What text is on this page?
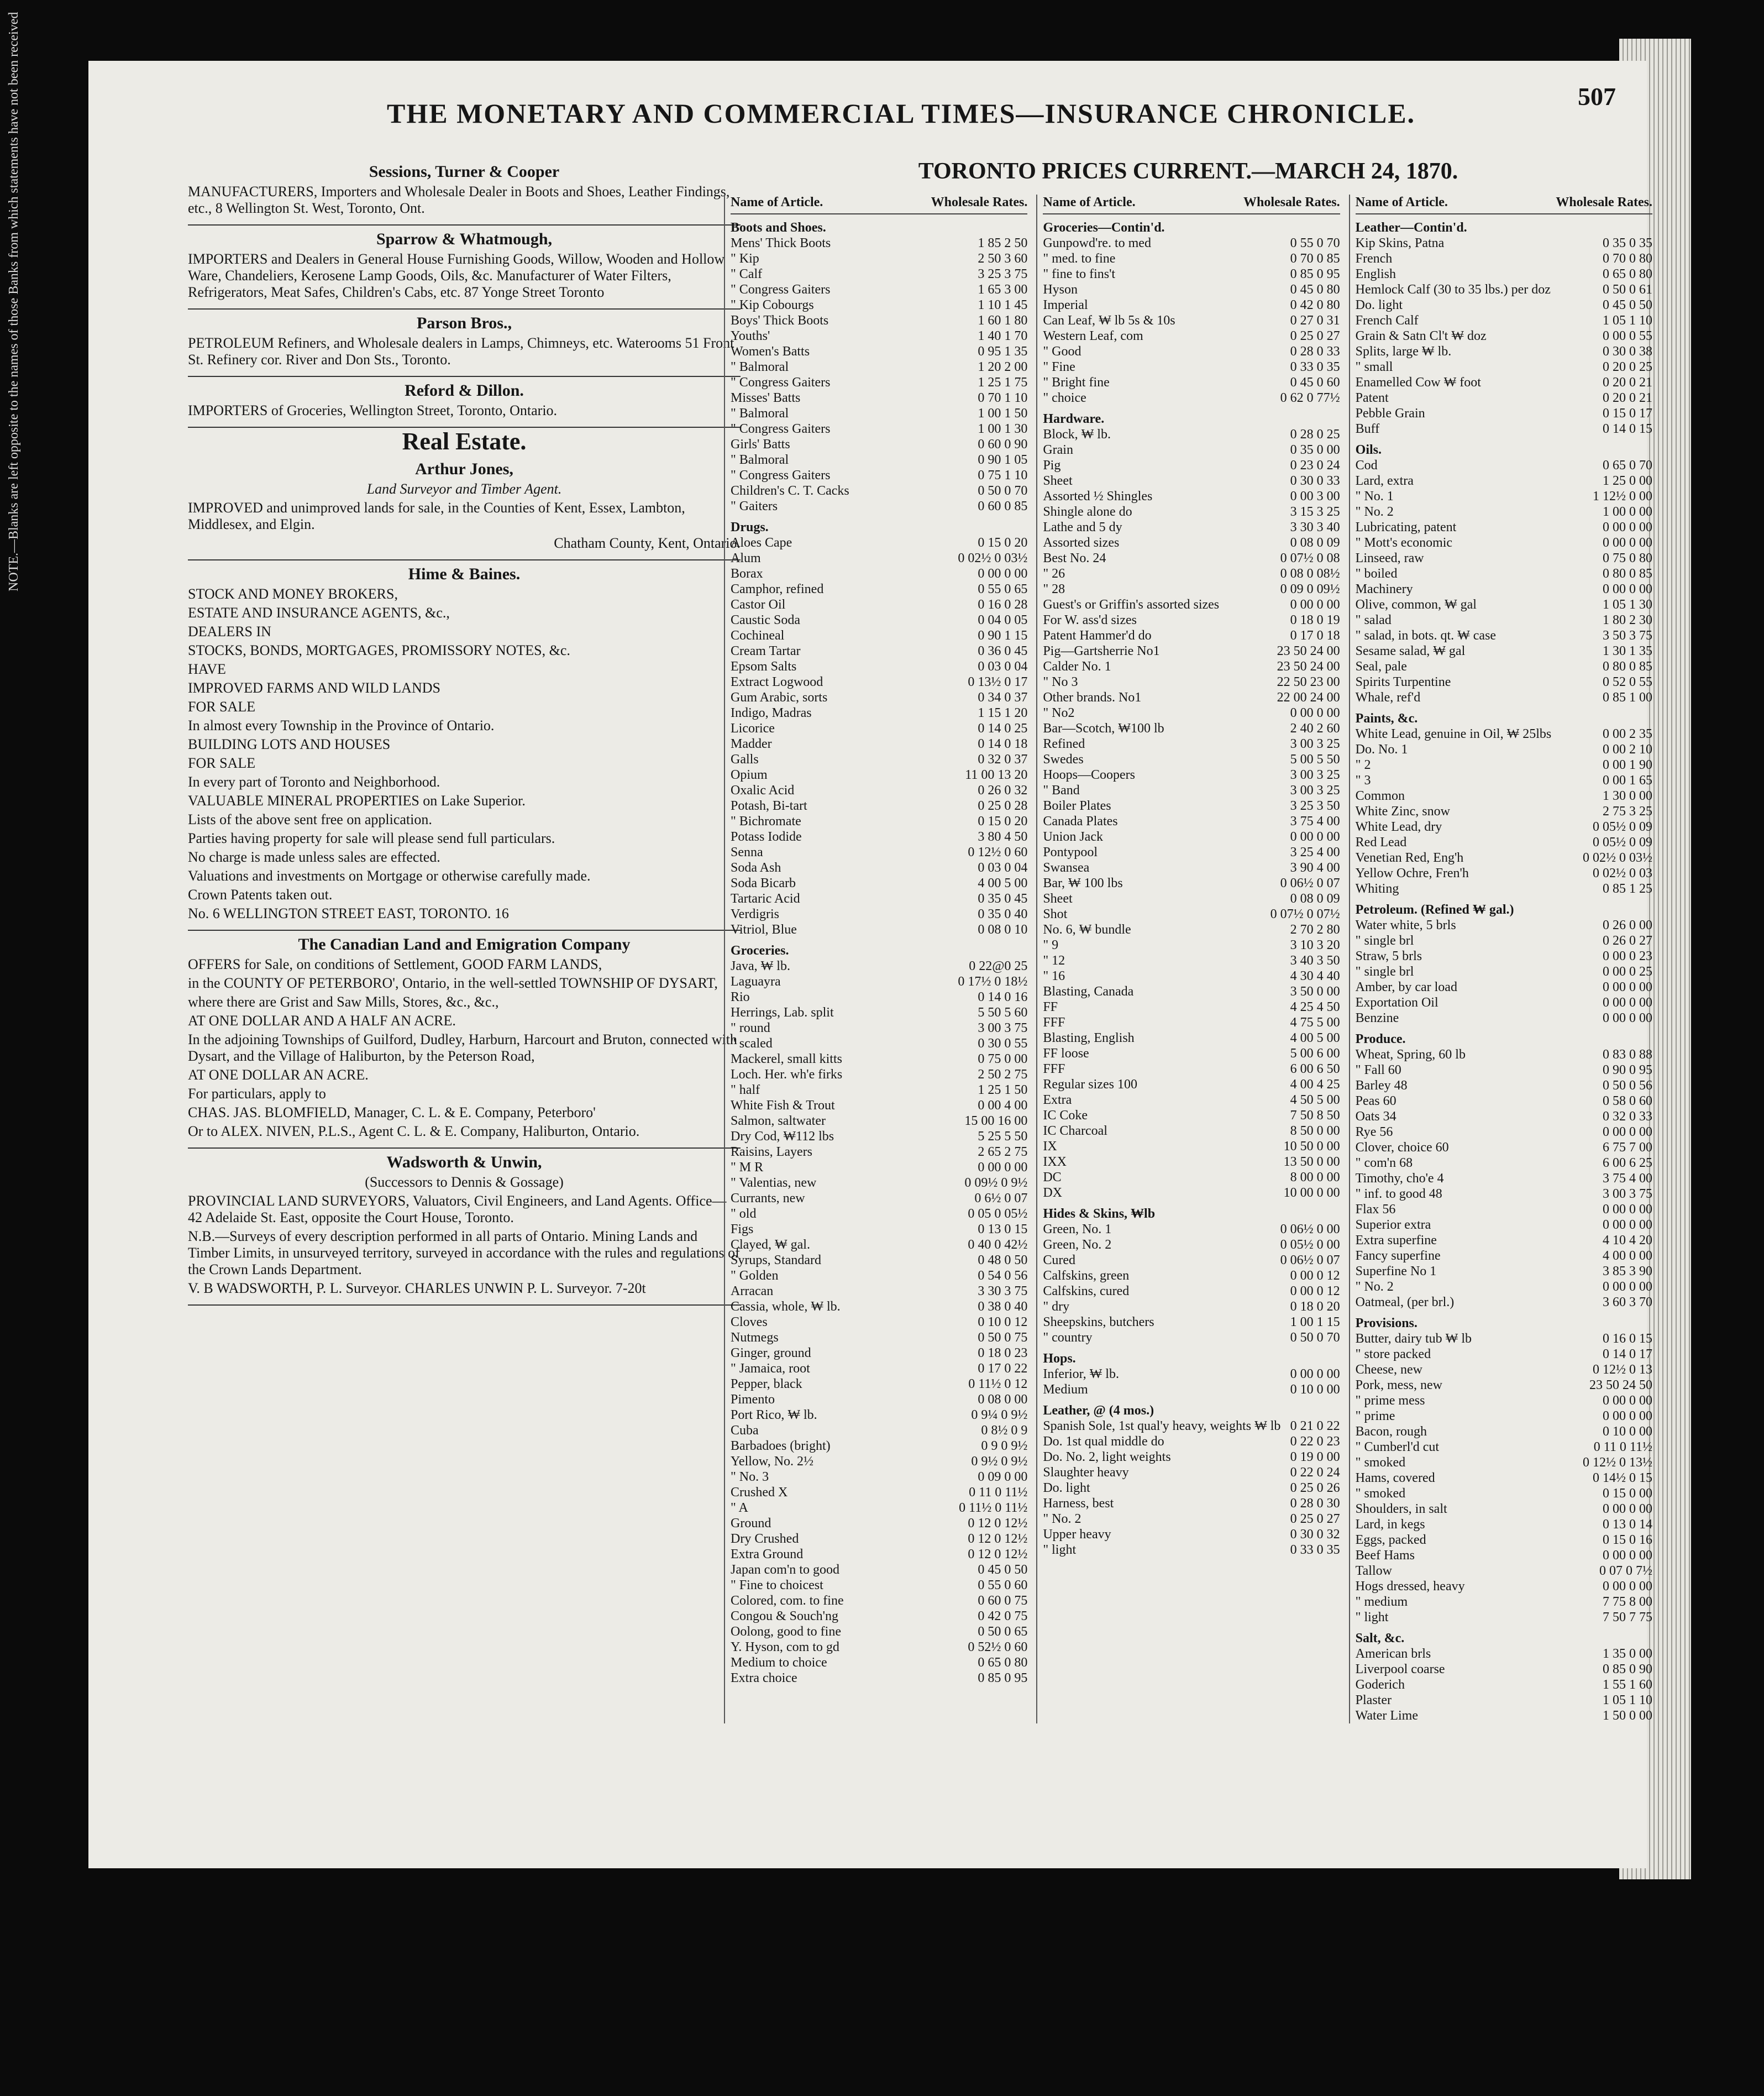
THE MONETARY AND COMMERCIAL TIMES—INSURANCE CHRONICLE.
507
Sessions, Turner & Cooper

MANUFACTURERS, Importers and Wholesale Dealer in Boots and Shoes, Leather Findings, etc., 8 Wellington St. West, Toronto, Ont.

Sparrow & Whatmough,

IMPORTERS and Dealers in General House Furnishing Goods, Willow, Wooden and Hollow Ware, Chandeliers, Kerosene Lamp Goods, Oils, &c. Manufacturer of Water Filters, Refrigerators, Meat Safes, Children's Cabs, etc. 87 Yonge Street Toronto

Parson Bros.,

PETROLEUM Refiners, and Wholesale dealers in Lamps, Chimneys, etc. Waterooms 51 Front St. Refinery cor. River and Don Sts., Toronto.

Reford & Dillon.

IMPORTERS of Groceries, Wellington Street, Toronto, Ontario.

Real Estate.
Arthur Jones,

Land Surveyor and Timber Agent.

IMPROVED and unimproved lands for sale, in the Counties of Kent, Essex, Lambton, Middlesex, and Elgin.

Chatham County, Kent, Ontario.

Hime & Baines.

STOCK AND MONEY BROKERS,

ESTATE AND INSURANCE AGENTS, &c.,

DEALERS IN

STOCKS, BONDS, MORTGAGES, PROMISSORY NOTES, &c.

HAVE

IMPROVED FARMS AND WILD LANDS

FOR SALE

In almost every Township in the Province of Ontario.

BUILDING LOTS AND HOUSES

FOR SALE

In every part of Toronto and Neighborhood.

VALUABLE MINERAL PROPERTIES on Lake Superior.

Lists of the above sent free on application.

Parties having property for sale will please send full particulars.

No charge is made unless sales are effected.

Valuations and investments on Mortgage or otherwise carefully made.

Crown Patents taken out.

No. 6 WELLINGTON STREET EAST, TORONTO. 16

The Canadian Land and Emigration Company

OFFERS for Sale, on conditions of Settlement, GOOD FARM LANDS,

in the COUNTY OF PETERBORO', Ontario, in the well-settled TOWNSHIP OF DYSART,

where there are Grist and Saw Mills, Stores, &c., &c.,

AT ONE DOLLAR AND A HALF AN ACRE.

In the adjoining Townships of Guilford, Dudley, Harburn, Harcourt and Bruton, connected with Dysart, and the Village of Haliburton, by the Peterson Road,

AT ONE DOLLAR AN ACRE.

For particulars, apply to

CHAS. JAS. BLOMFIELD, Manager, C. L. & E. Company, Peterboro'

Or to ALEX. NIVEN, P.L.S., Agent C. L. & E. Company, Haliburton, Ontario.

Wadsworth & Unwin,

(Successors to Dennis & Gossage)

PROVINCIAL LAND SURVEYORS, Valuators, Civil Engineers, and Land Agents. Office—42 Adelaide St. East, opposite the Court House, Toronto.

N.B.—Surveys of every description performed in all parts of Ontario. Mining Lands and Timber Limits, in unsurveyed territory, surveyed in accordance with the rules and regulations of the Crown Lands Department.

V. B WADSWORTH, P. L. Surveyor. CHARLES UNWIN P. L. Surveyor. 7-20t

TORONTO PRICES CURRENT.—MARCH 24, 1870.
Name of Article.	Wholesale Rates.
Boots and Shoes.
Mens' Thick Boots	1 85 2 50
" Kip	2 50 3 60
" Calf	3 25 3 75
" Congress Gaiters	1 65 3 00
" Kip Cobourgs	1 10 1 45
Boys' Thick Boots	1 60 1 80
Youths'	1 40 1 70
Women's Batts	0 95 1 35
" Balmoral	1 20 2 00
" Congress Gaiters	1 25 1 75
Misses' Batts	0 70 1 10
" Balmoral	1 00 1 50
" Congress Gaiters	1 00 1 30
Girls' Batts	0 60 0 90
" Balmoral	0 90 1 05
" Congress Gaiters	0 75 1 10
Children's C. T. Cacks	0 50 0 70
" Gaiters	0 60 0 85
Drugs.
Aloes Cape	0 15 0 20
Alum	0 02½ 0 03½
Borax	0 00 0 00
Camphor, refined	0 55 0 65
Castor Oil	0 16 0 28
Caustic Soda	0 04 0 05
Cochineal	0 90 1 15
Cream Tartar	0 36 0 45
Epsom Salts	0 03 0 04
Extract Logwood	0 13½ 0 17
Gum Arabic, sorts	0 34 0 37
Indigo, Madras	1 15 1 20
Licorice	0 14 0 25
Madder	0 14 0 18
Galls	0 32 0 37
Opium	11 00 13 20
Oxalic Acid	0 26 0 32
Potash, Bi-tart	0 25 0 28
" Bichromate	0 15 0 20
Potass Iodide	3 80 4 50
Senna	0 12½ 0 60
Soda Ash	0 03 0 04
Soda Bicarb	4 00 5 00
Tartaric Acid	0 35 0 45
Verdigris	0 35 0 40
Vitriol, Blue	0 08 0 10
Groceries.
Java, ₩ lb.	0 22@0 25
Laguayra	0 17½ 0 18½
Rio	0 14 0 16
Herrings, Lab. split	5 50 5 60
" round	3 00 3 75
" scaled	0 30 0 55
Mackerel, small kitts	0 75 0 00
Loch. Her. wh'e firks	2 50 2 75
" half	1 25 1 50
White Fish & Trout	0 00 4 00
Salmon, saltwater	15 00 16 00
Dry Cod, ₩112 lbs	5 25 5 50
Raisins, Layers	2 65 2 75
" M R	0 00 0 00
" Valentias, new	0 09½ 0 9½
Currants, new	0 6½ 0 07
" old	0 05 0 05½
Figs	0 13 0 15
Clayed, ₩ gal.	0 40 0 42½
Syrups, Standard	0 48 0 50
" Golden	0 54 0 56
Arracan	3 30 3 75
Cassia, whole, ₩ lb.	0 38 0 40
Cloves	0 10 0 12
Nutmegs	0 50 0 75
Ginger, ground	0 18 0 23
" Jamaica, root	0 17 0 22
Pepper, black	0 11½ 0 12
Pimento	0 08 0 00
Port Rico, ₩ lb.	0 9¼ 0 9½
Cuba	0 8½ 0 9
Barbadoes (bright)	0 9 0 9½
Yellow, No. 2½	0 9½ 0 9½
" No. 3	0 09 0 00
Crushed X	0 11 0 11½
" A	0 11½ 0 11½
Ground	0 12 0 12½
Dry Crushed	0 12 0 12½
Extra Ground	0 12 0 12½
Japan com'n to good	0 45 0 50
" Fine to choicest	0 55 0 60
Colored, com. to fine	0 60 0 75
Congou & Souch'ng	0 42 0 75
Oolong, good to fine	0 50 0 65
Y. Hyson, com to gd	0 52½ 0 60
Medium to choice	0 65 0 80
Extra choice	0 85 0 95
Name of Article.	Wholesale Rates.
Groceries—Contin'd.
Gunpowd're. to med	0 55 0 70
" med. to fine	0 70 0 85
" fine to fins't	0 85 0 95
Hyson	0 45 0 80
Imperial	0 42 0 80
Can Leaf, ₩ lb 5s & 10s	0 27 0 31
Western Leaf, com	0 25 0 27
" Good	0 28 0 33
" Fine	0 33 0 35
" Bright fine	0 45 0 60
" choice	0 62 0 77½
Hardware.
Block, ₩ lb.	0 28 0 25
Grain	0 35 0 00
Pig	0 23 0 24
Sheet	0 30 0 33
Assorted ½ Shingles	0 00 3 00
Shingle alone do	3 15 3 25
Lathe and 5 dy	3 30 3 40
Assorted sizes	0 08 0 09
Best No. 24	0 07½ 0 08
" 26	0 08 0 08½
" 28	0 09 0 09½
Guest's or Griffin's assorted sizes	0 00 0 00
For W. ass'd sizes	0 18 0 19
Patent Hammer'd do	0 17 0 18
Pig—Gartsherrie No1	23 50 24 00
Calder No. 1	23 50 24 00
" No 3	22 50 23 00
Other brands. No1	22 00 24 00
" No2	0 00 0 00
Bar—Scotch, ₩100 lb	2 40 2 60
Refined	3 00 3 25
Swedes	5 00 5 50
Hoops—Coopers	3 00 3 25
" Band	3 00 3 25
Boiler Plates	3 25 3 50
Canada Plates	3 75 4 00
Union Jack	0 00 0 00
Pontypool	3 25 4 00
Swansea	3 90 4 00
Bar, ₩ 100 lbs	0 06½ 0 07
Sheet	0 08 0 09
Shot	0 07½ 0 07½
No. 6, ₩ bundle	2 70 2 80
" 9	3 10 3 20
" 12	3 40 3 50
" 16	4 30 4 40
Blasting, Canada	3 50 0 00
FF	4 25 4 50
FFF	4 75 5 00
Blasting, English	4 00 5 00
FF loose	5 00 6 00
FFF	6 00 6 50
Regular sizes 100	4 00 4 25
Extra	4 50 5 00
IC Coke	7 50 8 50
IC Charcoal	8 50 0 00
IX	10 50 0 00
IXX	13 50 0 00
DC	8 00 0 00
DX	10 00 0 00
Hides & Skins, ₩lb
Green, No. 1	0 06½ 0 00
Green, No. 2	0 05½ 0 00
Cured	0 06½ 0 07
Calfskins, green	0 00 0 12
Calfskins, cured	0 00 0 12
" dry	0 18 0 20
Sheepskins, butchers	1 00 1 15
" country	0 50 0 70
Hops.
Inferior, ₩ lb.	0 00 0 00
Medium	0 10 0 00
Leather, @ (4 mos.)
Spanish Sole, 1st qual'y heavy, weights ₩ lb 0 21 0 22
Do. 1st qual middle do	0 22 0 23
Do. No. 2, light weights	0 19 0 00
Slaughter heavy	0 22 0 24
Do. light	0 25 0 26
Harness, best	0 28 0 30
" No. 2	0 25 0 27
Upper heavy	0 30 0 32
" light	0 33 0 35
Name of Article.	Wholesale Rates.
Leather—Contin'd.
Kip Skins, Patna	0 35 0 35
French	0 70 0 80
English	0 65 0 80
Hemlock Calf (30 to 35 lbs.) per doz	0 50 0 61
Do. light	0 45 0 50
French Calf	1 05 1 10
Grain & Satn Cl't ₩ doz	0 00 0 55
Splits, large ₩ lb.	0 30 0 38
" small	0 20 0 25
Enamelled Cow ₩ foot	0 20 0 21
Patent	0 20 0 21
Pebble Grain	0 15 0 17
Buff	0 14 0 15
Oils.
Cod	0 65 0 70
Lard, extra	1 25 0 00
" No. 1	1 12½ 0 00
" No. 2	1 00 0 00
Lubricating, patent	0 00 0 00
" Mott's economic	0 00 0 00
Linseed, raw	0 75 0 80
" boiled	0 80 0 85
Machinery	0 00 0 00
Olive, common, ₩ gal	1 05 1 30
" salad	1 80 2 30
" salad, in bots. qt. ₩ case	3 50 3 75
Sesame salad, ₩ gal	1 30 1 35
Seal, pale	0 80 0 85
Spirits Turpentine	0 52 0 55
Whale, ref'd	0 85 1 00
Paints, &c.
White Lead, genuine in Oil, ₩ 25lbs	0 00 2 35
Do. No. 1	0 00 2 10
" 2	0 00 1 90
" 3	0 00 1 65
Common	1 30 0 00
White Zinc, snow	2 75 3 25
White Lead, dry	0 05½ 0 09
Red Lead	0 05½ 0 09
Venetian Red, Eng'h	0 02½ 0 03½
Yellow Ochre, Fren'h	0 02½ 0 03
Whiting	0 85 1 25
Petroleum. (Refined ₩ gal.)
Water white, 5 brls	0 26 0 00
" single brl	0 26 0 27
Straw, 5 brls	0 00 0 23
" single brl	0 00 0 25
Amber, by car load	0 00 0 00
Exportation Oil	0 00 0 00
Benzine	0 00 0 00
Produce.
Wheat, Spring, 60 lb	0 83 0 88
" Fall 60	0 90 0 95
Barley 48	0 50 0 56
Peas 60	0 58 0 60
Oats 34	0 32 0 33
Rye 56	0 00 0 00
Clover, choice 60	6 75 7 00
" com'n 68	6 00 6 25
Timothy, cho'e 4	3 75 4 00
" inf. to good 48	3 00 3 75
Flax 56	0 00 0 00
Superior extra	0 00 0 00
Extra superfine	4 10 4 20
Fancy superfine	4 00 0 00
Superfine No 1	3 85 3 90
" No. 2	0 00 0 00
Oatmeal, (per brl.)	3 60 3 70
Provisions.
Butter, dairy tub ₩ lb	0 16 0 15
" store packed	0 14 0 17
Cheese, new	0 12½ 0 13
Pork, mess, new	23 50 24 50
" prime mess	0 00 0 00
" prime	0 00 0 00
Bacon, rough	0 10 0 00
" Cumberl'd cut	0 11 0 11½
" smoked	0 12½ 0 13½
Hams, covered	0 14½ 0 15
" smoked	0 15 0 00
Shoulders, in salt	0 00 0 00
Lard, in kegs	0 13 0 14
Eggs, packed	0 15 0 16
Beef Hams	0 00 0 00
Tallow	0 07 0 7½
Hogs dressed, heavy	0 00 0 00
" medium	7 75 8 00
" light	7 50 7 75
Salt, &c.
American brls	1 35 0 00
Liverpool coarse	0 85 0 90
Goderich	1 55 1 60
Plaster	1 05 1 10
Water Lime	1 50 0 00
NOTE.—Blanks are left opposite to the names of those Banks from which statements have not been received
